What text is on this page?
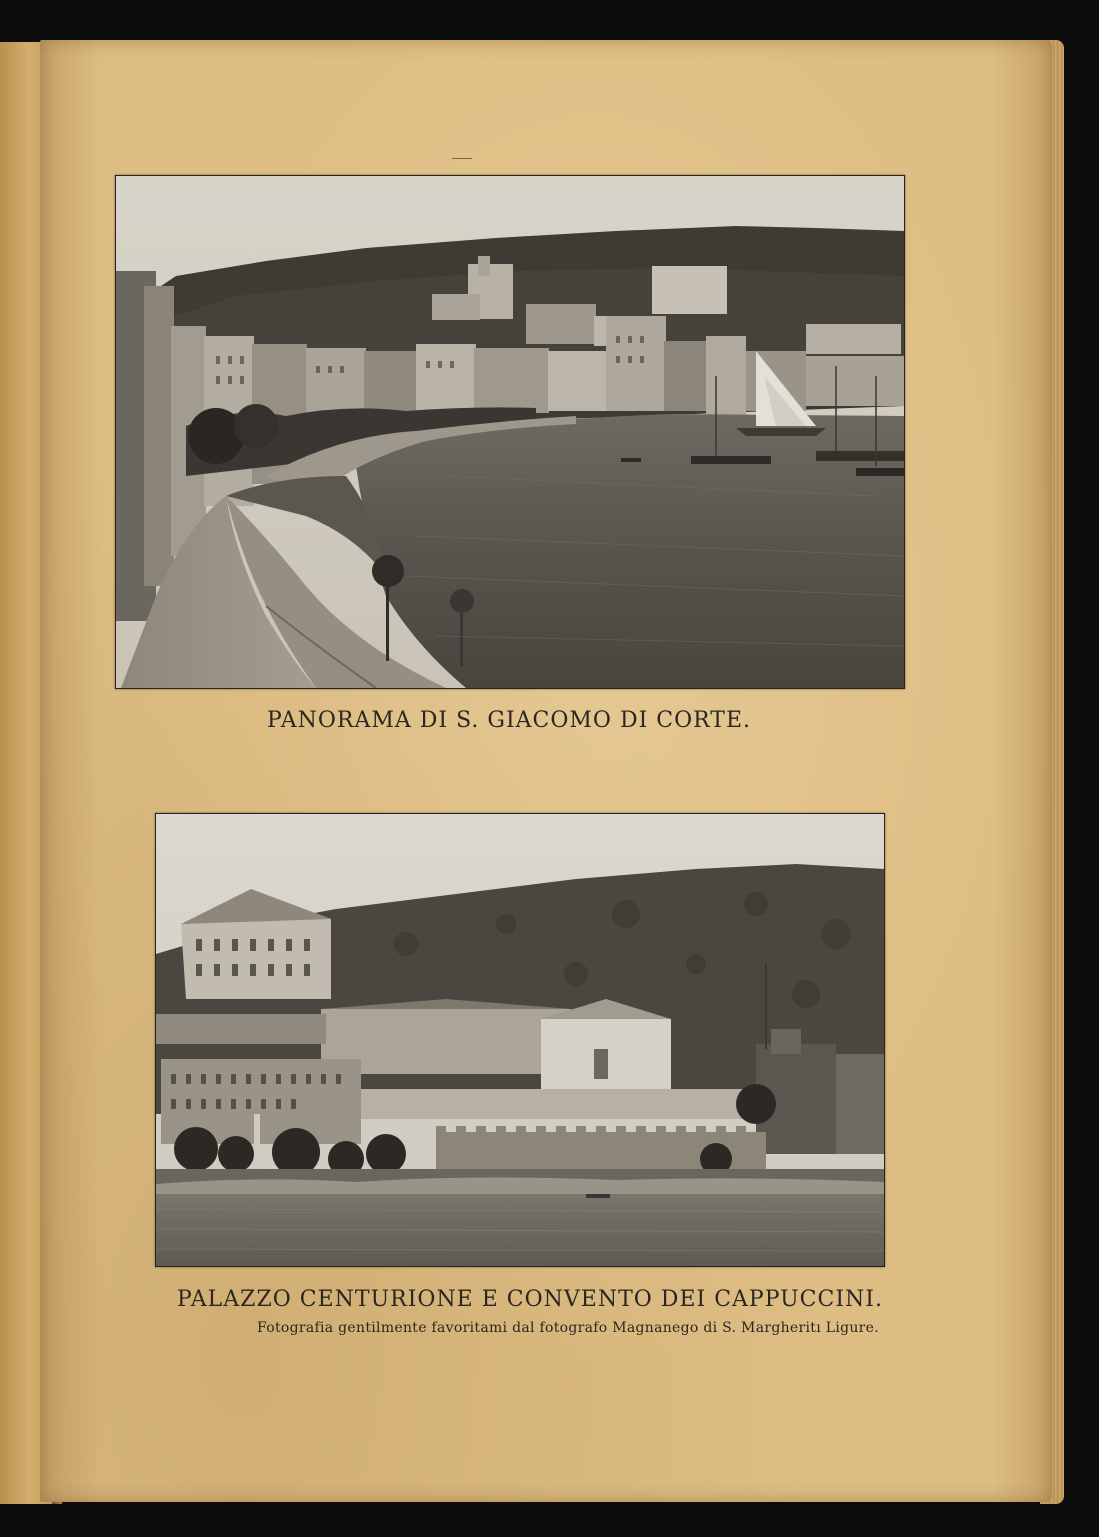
PANORAMA DI S. GIACOMO DI CORTE.
PALAZZO CENTURIONE E CONVENTO DEI CAPPUCCINI.
Fotografia gentilmente favoritami dal fotografo Magnanego di S. Margheritı Ligure.
